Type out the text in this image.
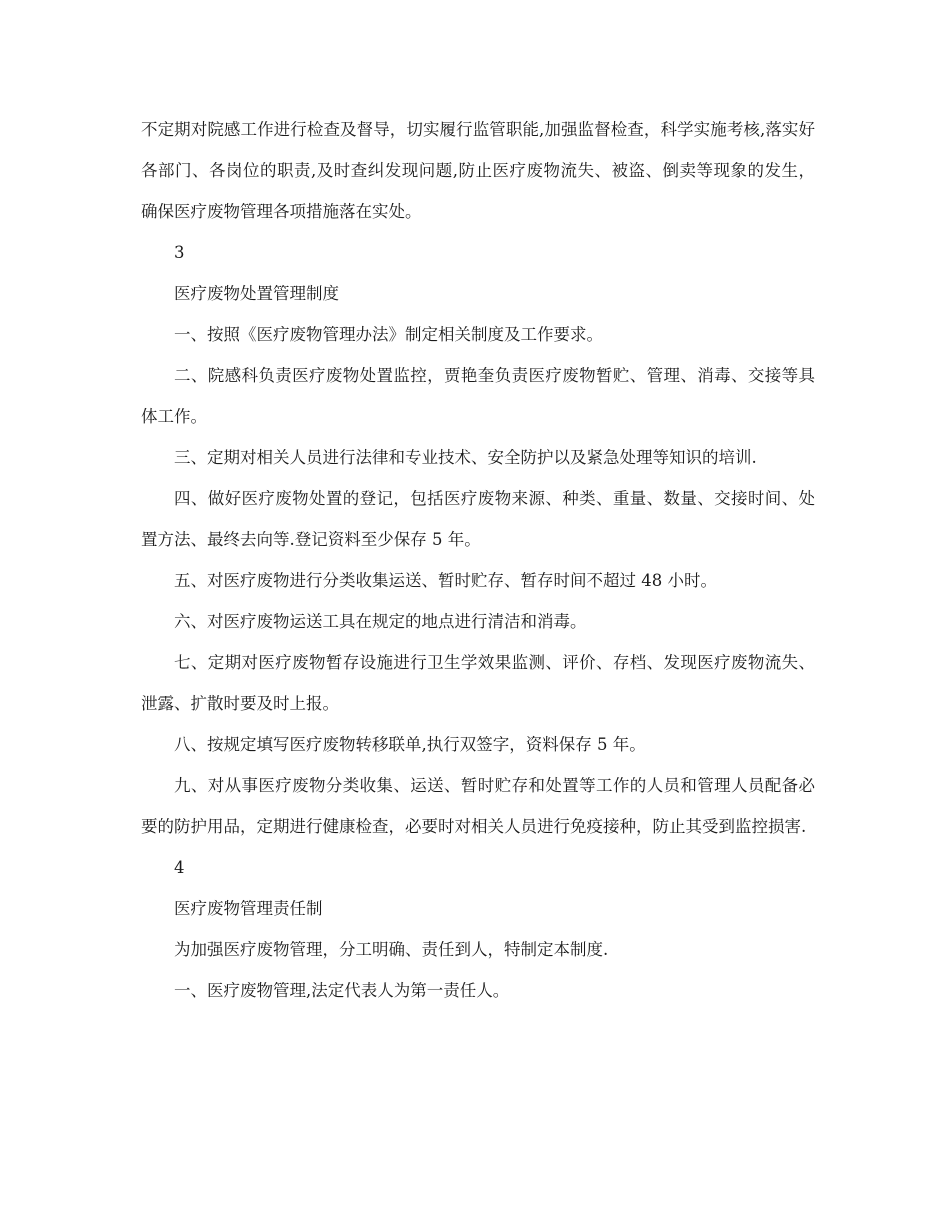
不定期对院感工作进行检查及督导，切实履行监管职能,加强监督检查，科学实施考核,落实好各部门、各岗位的职责,及时查纠发现问题,防止医疗废物流失、被盗、倒卖等现象的发生， 确保医疗废物管理各项措施落在实处。

3

医疗废物处置管理制度

一、按照《医疗废物管理办法》制定相关制度及工作要求。

二、院感科负责医疗废物处置监控，贾艳奎负责医疗废物暂贮、管理、消毒、交接等具体工作。

三、定期对相关人员进行法律和专业技术、安全防护以及紧急处理等知识的培训.

四、做好医疗废物处置的登记，包括医疗废物来源、种类、重量、数量、交接时间、处置方法、最终去向等.登记资料至少保存 5 年。

五、对医疗废物进行分类收集运送、暂时贮存、暂存时间不超过 48 小时。

六、对医疗废物运送工具在规定的地点进行清洁和消毒。

七、定期对医疗废物暂存设施进行卫生学效果监测、评价、存档、发现医疗废物流失、泄露、扩散时要及时上报。

八、按规定填写医疗废物转移联单,执行双签字，资料保存 5 年。

九、对从事医疗废物分类收集、运送、暂时贮存和处置等工作的人员和管理人员配备必要的防护用品，定期进行健康检查，必要时对相关人员进行免疫接种，防止其受到监控损害.

4

医疗废物管理责任制

为加强医疗废物管理，分工明确、责任到人，特制定本制度.

一、医疗废物管理,法定代表人为第一责任人。
